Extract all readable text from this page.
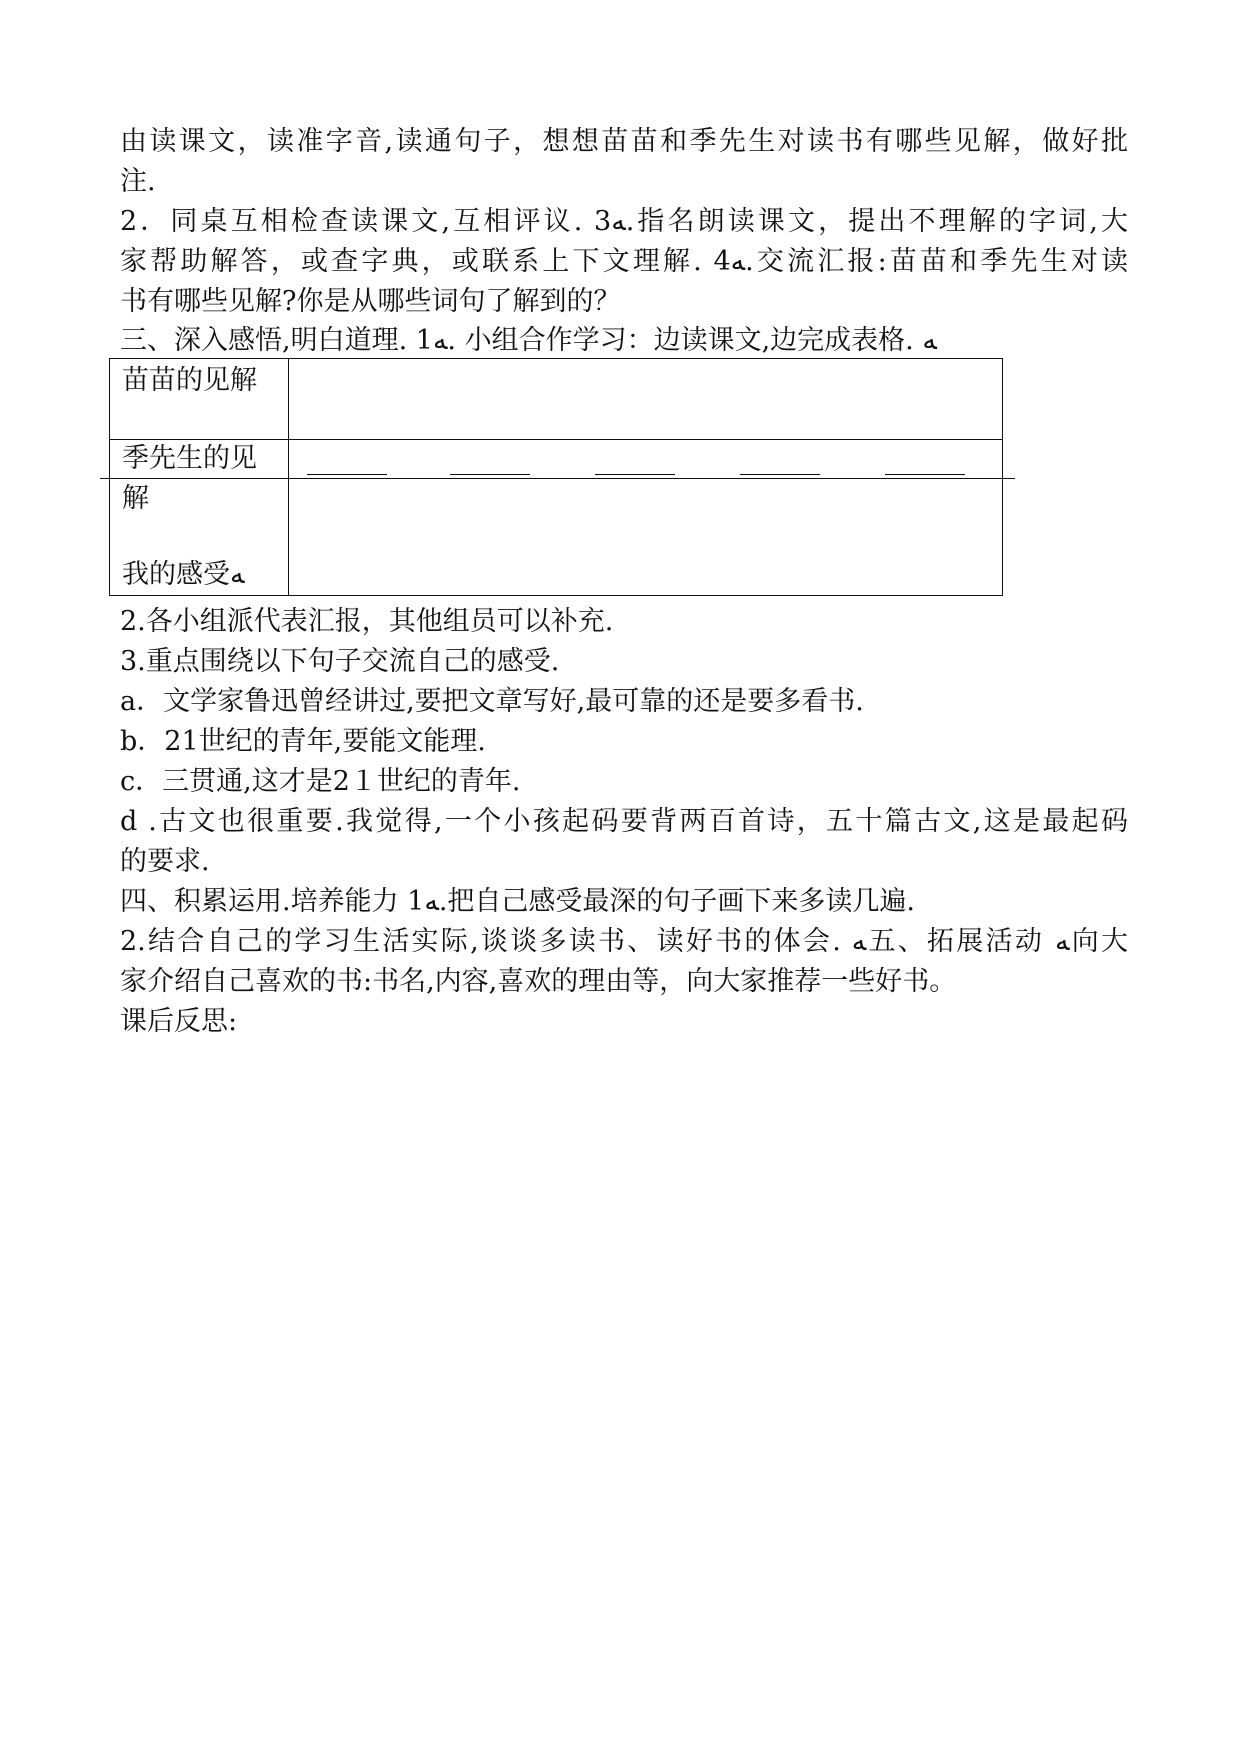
由读课文，读准字音,读通句子，想想苗苗和季先生对读书有哪些见解，做好批
注.
2．同桌互相检查读课文,互相评议. 3ﻪ.指名朗读课文，提出不理解的字词,大
家帮助解答，或查字典，或联系上下文理解. 4ﻪ.交流汇报:苗苗和季先生对读
书有哪些见解?你是从哪些词句了解到的？
三、深入感悟,明白道理. 1ﻪ. 小组合作学习：边读课文,边完成表格. ﻪ
苗苗的见解
季先生的见
解
我的感受ﻪ
2.各小组派代表汇报，其他组员可以补充.
3.重点围绕以下句子交流自己的感受.
a．文学家鲁迅曾经讲过,要把文章写好,最可靠的还是要多看书.
b．21世纪的青年,要能文能理.
c．三贯通,这才是2１世纪的青年.
d .古文也很重要.我觉得,一个小孩起码要背两百首诗，五十篇古文,这是最起码
的要求.
四、积累运用.培养能力 1ﻪ.把自己感受最深的句子画下来多读几遍.
2.结合自己的学习生活实际,谈谈多读书、读好书的体会. ﻪ五、拓展活动 ﻪ向大
家介绍自己喜欢的书:书名,内容,喜欢的理由等，向大家推荐一些好书。
课后反思:
